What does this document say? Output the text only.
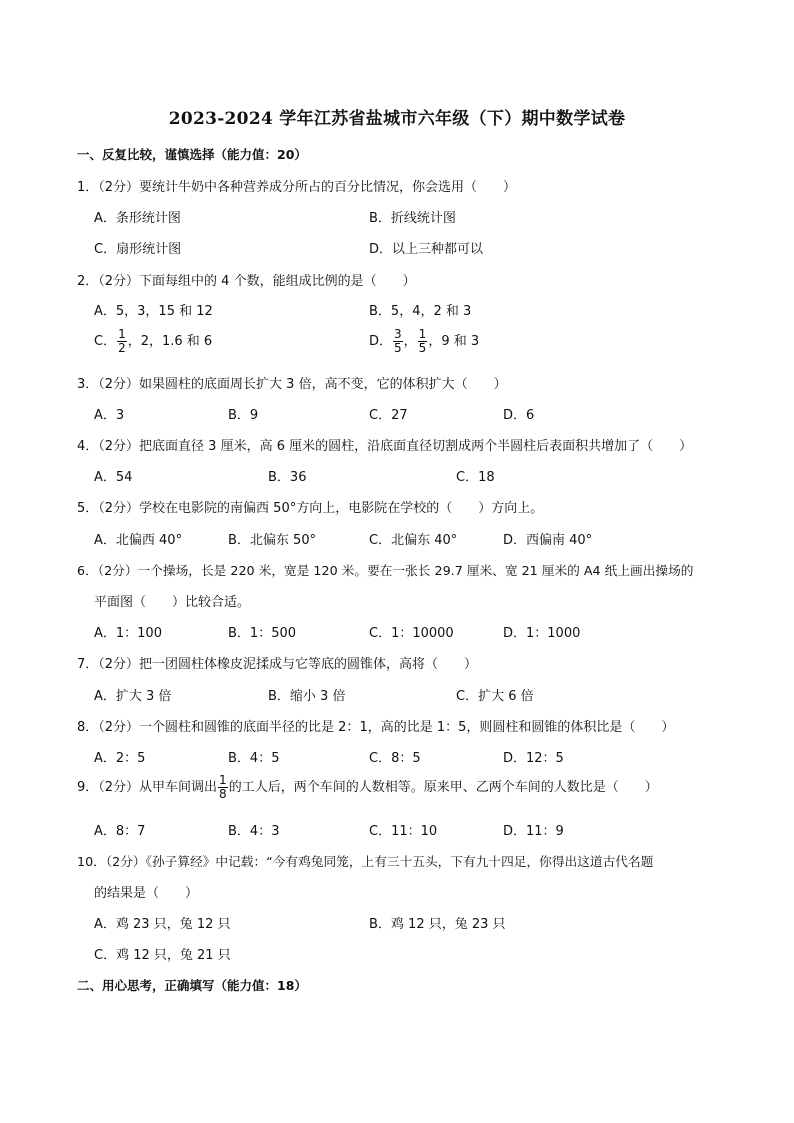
2023-2024 学年江苏省盐城市六年级（下）期中数学试卷
一、反复比较，谨慎选择（能力值：20）
1．（2分）要统计牛奶中各种营养成分所占的百分比情况，你会选用（　　）
A．条形统计图	B．折线统计图
C．扇形统计图	D．以上三种都可以
2．（2分）下面每组中的 4 个数，能组成比例的是（　　）
A．5，3，15 和 12	B．5，4，2 和 3
C． $\frac{1}{2}$ ，2，1.6 和 6	D． $\frac{3}{5}$ ， $\frac{1}{5}$ ，9 和 3
3．（2分）如果圆柱的底面周长扩大 3 倍，高不变，它的体积扩大（　　）
A．3	B．9	C．27	D．6
4．（2分）把底面直径 3 厘米，高 6 厘米的圆柱，沿底面直径切割成两个半圆柱后表面积共增加了（　　）
A．54	B．36	C．18
5．（2分）学校在电影院的南偏西 50°方向上，电影院在学校的（　　）方向上。
A．北偏西 40°	B．北偏东 50°	C．北偏东 40°	D．西偏南 40°
6．（2分）一个操场，长是 220 米，宽是 120 米。要在一张长 29.7 厘米、宽 21 厘米的 A4 纸上画出操场的
平面图（　　）比较合适。
A．1：100	B．1：500	C．1：10000	D．1：1000
7．（2分）把一团圆柱体橡皮泥揉成与它等底的圆锥体，高将（　　）
A．扩大 3 倍	B．缩小 3 倍	C．扩大 6 倍
8．（2分）一个圆柱和圆锥的底面半径的比是 2：1，高的比是 1：5，则圆柱和圆锥的体积比是（　　）
A．2：5	B．4：5	C．8：5	D．12：5
9．（2分）从甲车间调出 $\frac{1}{8}$ 的工人后，两个车间的人数相等。原来甲、乙两个车间的人数比是（　　）
A．8：7	B．4：3	C．11：10	D．11：9
10．（2分）《孙子算经》中记载：“今有鸡兔同笼，上有三十五头，下有九十四足，你得出这道古代名题
的结果是（　　）
A．鸡 23 只，兔 12 只	B．鸡 12 只，兔 23 只
C．鸡 12 只，兔 21 只
二、用心思考，正确填写（能力值：18）
